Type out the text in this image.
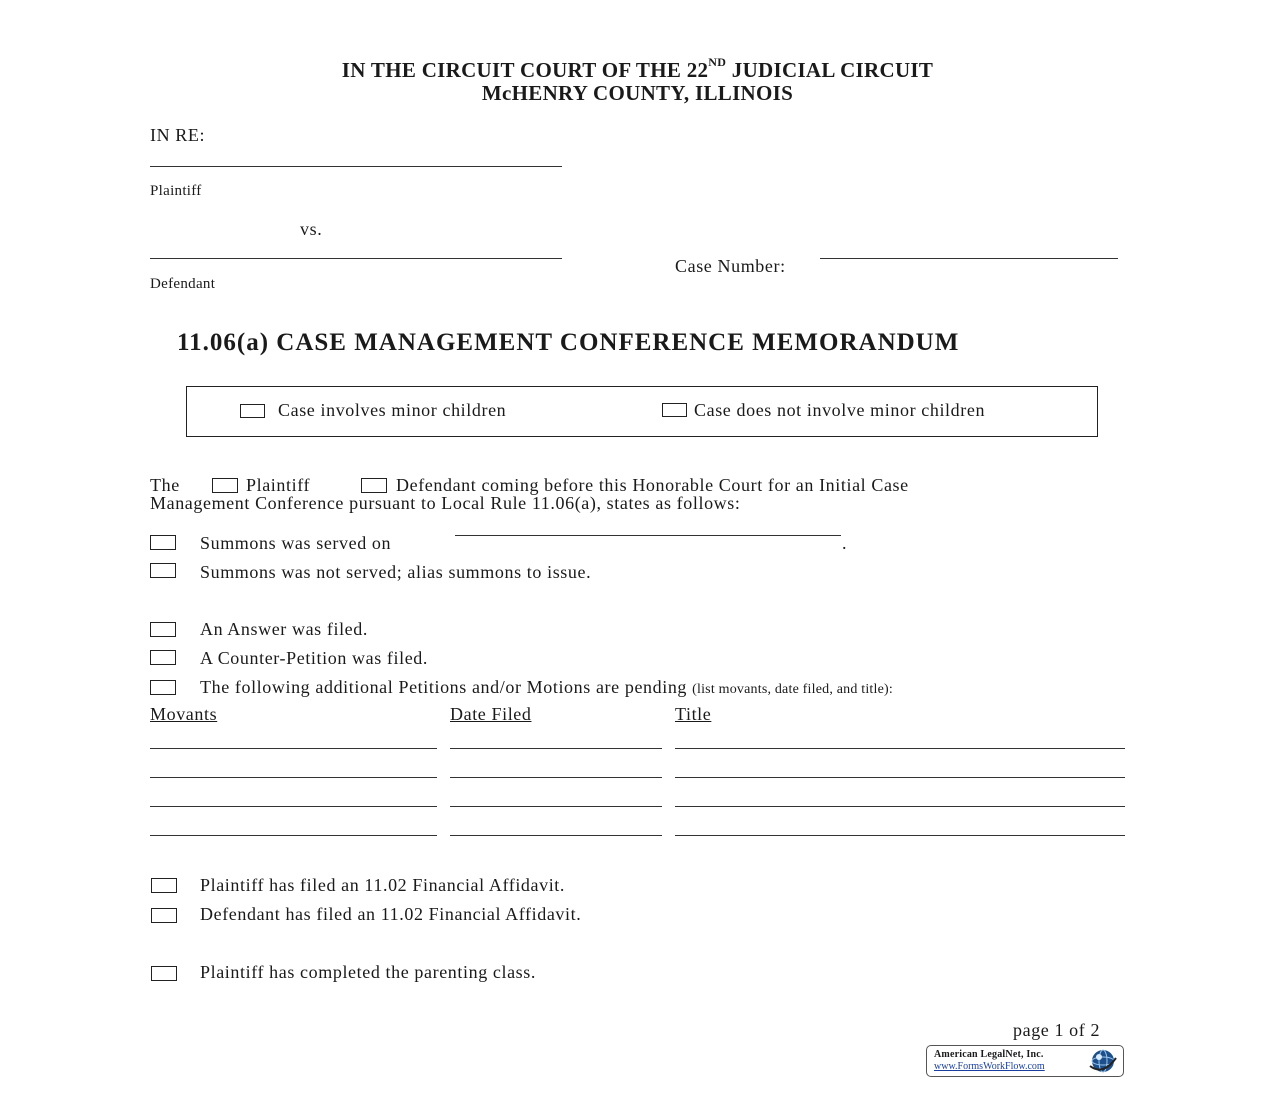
IN THE CIRCUIT COURT OF THE 22ND JUDICIAL CIRCUIT
McHENRY COUNTY, ILLINOIS
IN RE:
Plaintiff
vs.
Defendant
Case Number:
11.06(a) CASE MANAGEMENT CONFERENCE MEMORANDUM
Case involves minor children	Case does not involve minor children
The	Plaintiff	Defendant coming before this Honorable Court for an Initial Case
Management Conference pursuant to Local Rule 11.06(a), states as follows:
Summons was served on	.
Summons was not served; alias summons to issue.
An Answer was filed.
A Counter-Petition was filed.
The following additional Petitions and/or Motions are pending (list movants, date filed, and title):
Movants	Date Filed	Title
Plaintiff has filed an 11.02 Financial Affidavit.
Defendant has filed an 11.02 Financial Affidavit.
Plaintiff has completed the parenting class.
page 1 of 2
American LegalNet, Inc.
www.FormsWorkFlow.com
